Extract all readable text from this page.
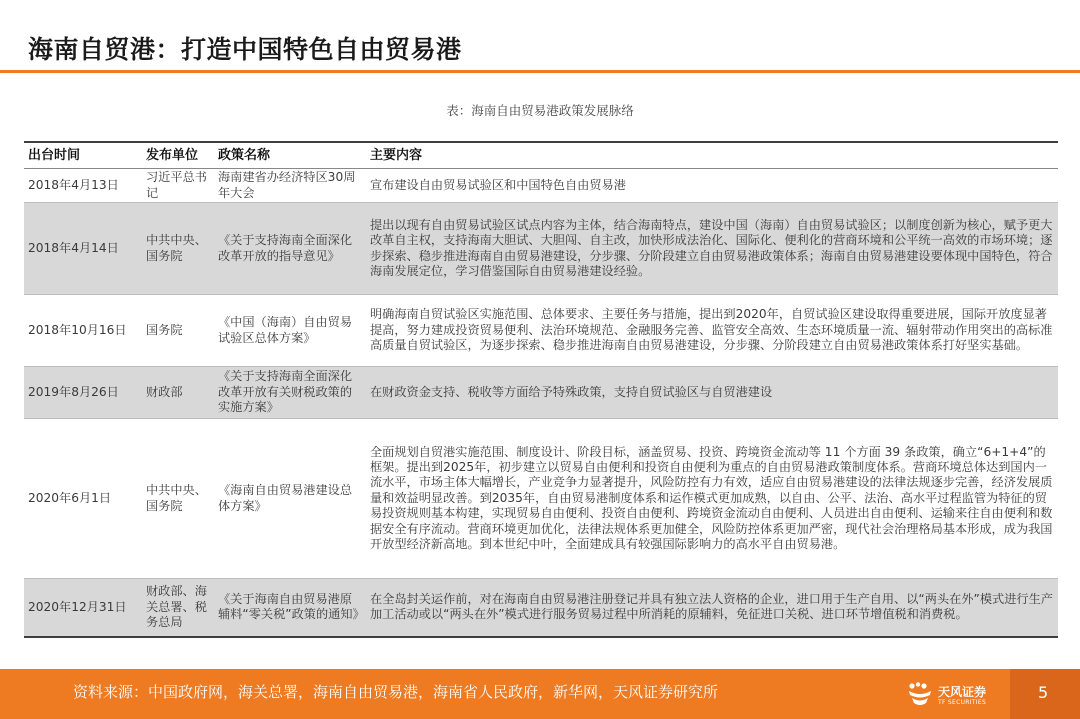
海南自贸港：打造中国特色自由贸易港
表：海南自由贸易港政策发展脉络
出台时间	发布单位	政策名称	主要内容
2018年4月13日	习近平总书记	海南建省办经济特区30周年大会	宣布建设自由贸易试验区和中国特色自由贸易港
2018年4月14日	中共中央、国务院	《关于支持海南全面深化改革开放的指导意见》	提出以现有自由贸易试验区试点内容为主体，结合海南特点，建设中国（海南）自由贸易试验区；以制度创新为核心，赋予更大改革自主权，支持海南大胆试、大胆闯、自主改，加快形成法治化、国际化、便利化的营商环境和公平统一高效的市场环境；逐步探索、稳步推进海南自由贸易港建设，分步骤、分阶段建立自由贸易港政策体系；海南自由贸易港建设要体现中国特色，符合海南发展定位，学习借鉴国际自由贸易港建设经验。
2018年10月16日	国务院	《中国（海南）自由贸易试验区总体方案》	明确海南自贸试验区实施范围、总体要求、主要任务与措施，提出到2020年，自贸试验区建设取得重要进展，国际开放度显著提高，努力建成投资贸易便利、法治环境规范、金融服务完善、监管安全高效、生态环境质量一流、辐射带动作用突出的高标准高质量自贸试验区，为逐步探索、稳步推进海南自由贸易港建设，分步骤、分阶段建立自由贸易港政策体系打好坚实基础。
2019年8月26日	财政部	《关于支持海南全面深化改革开放有关财税政策的实施方案》	在财政资金支持、税收等方面给予特殊政策，支持自贸试验区与自贸港建设
2020年6月1日	中共中央、国务院	《海南自由贸易港建设总体方案》	全面规划自贸港实施范围、制度设计、阶段目标，涵盖贸易、投资、跨境资金流动等 11 个方面 39 条政策，确立“6+1+4”的框架。提出到2025年，初步建立以贸易自由便利和投资自由便利为重点的自由贸易港政策制度体系。营商环境总体达到国内一流水平，市场主体大幅增长，产业竞争力显著提升，风险防控有力有效，适应自由贸易港建设的法律法规逐步完善，经济发展质量和效益明显改善。到2035年，自由贸易港制度体系和运作模式更加成熟，以自由、公平、法治、高水平过程监管为特征的贸易投资规则基本构建，实现贸易自由便利、投资自由便利、跨境资金流动自由便利、人员进出自由便利、运输来往自由便利和数据安全有序流动。营商环境更加优化，法律法规体系更加健全，风险防控体系更加严密，现代社会治理格局基本形成，成为我国开放型经济新高地。到本世纪中叶，全面建成具有较强国际影响力的高水平自由贸易港。
2020年12月31日	财政部、海关总署、税务总局	《关于海南自由贸易港原辅料“零关税”政策的通知》	在全岛封关运作前，对在海南自由贸易港注册登记并具有独立法人资格的企业，进口用于生产自用、以“两头在外”模式进行生产加工活动或以“两头在外”模式进行服务贸易过程中所消耗的原辅料，免征进口关税、进口环节增值税和消费税。
资料来源：中国政府网，海关总署，海南自由贸易港，海南省人民政府，新华网，天风证券研究所	天风证券
TF SECURITIES
5
